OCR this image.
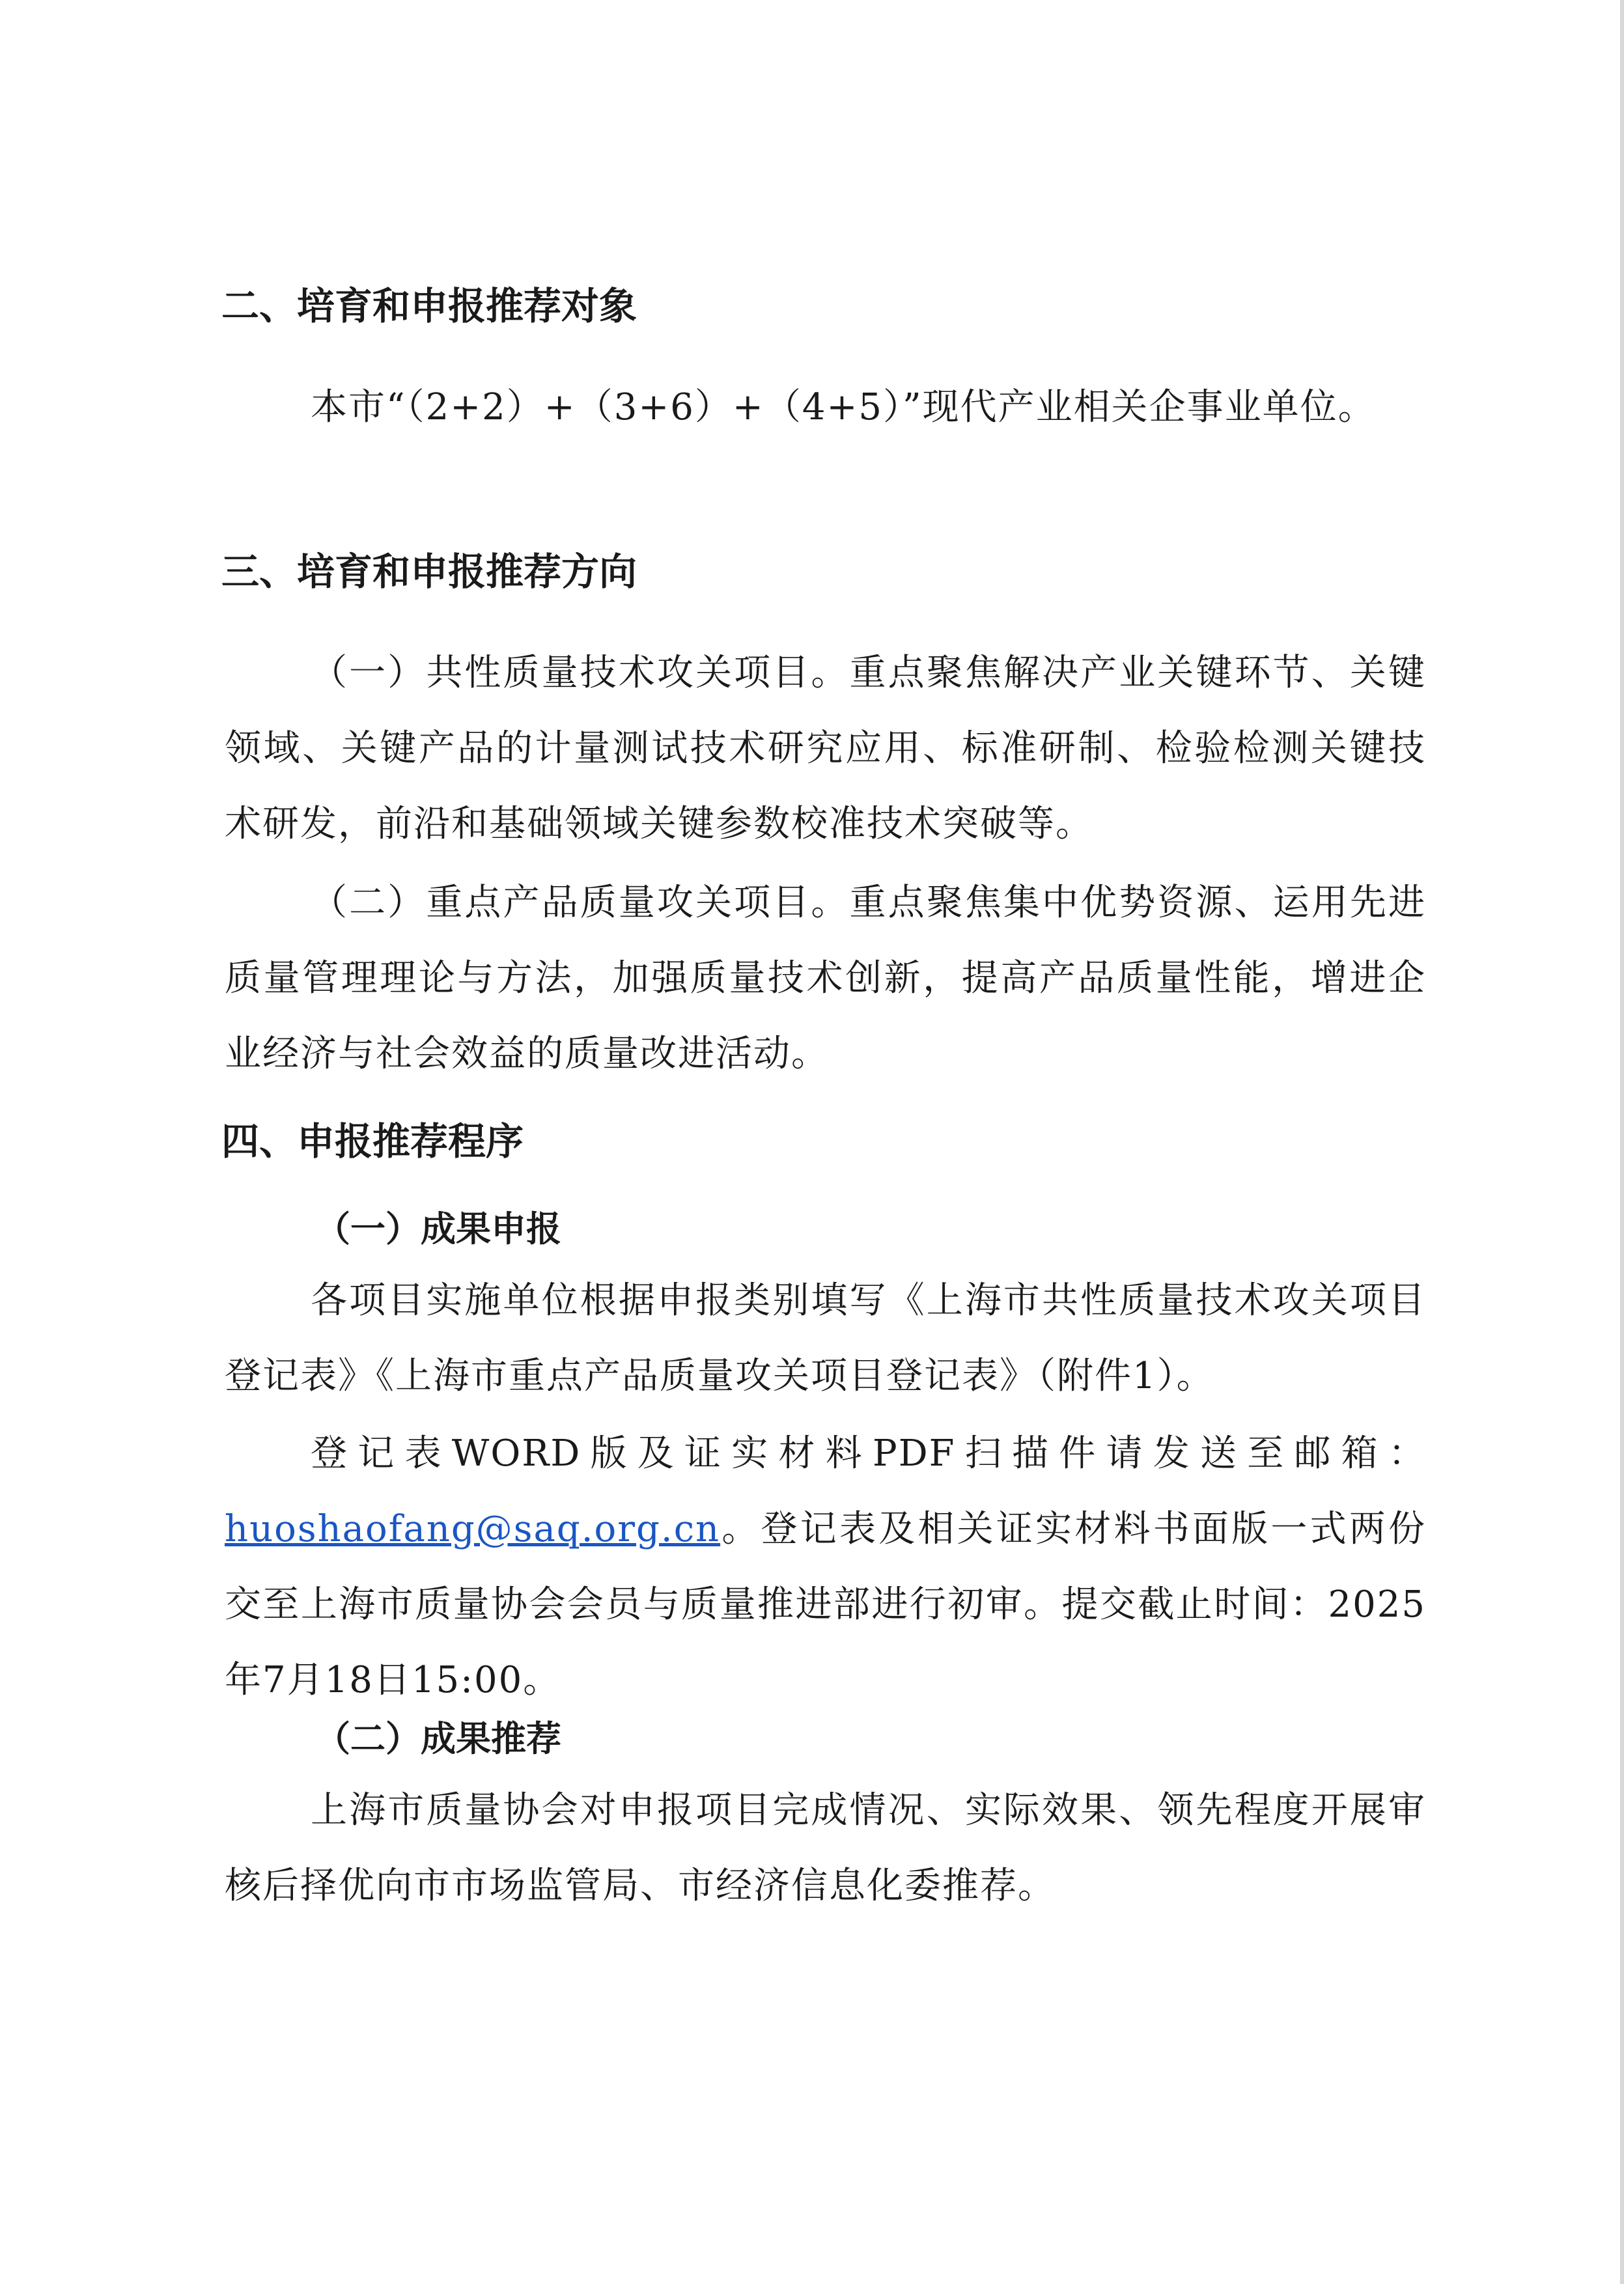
二、培育和申报推荐对象

本市“（2+2）+（3+6）+（4+5）”现代产业相关企事业单位。

三、培育和申报推荐方向

（一）共性质量技术攻关项目。重点聚焦解决产业关键环节、关键领域、关键产品的计量测试技术研究应用、标准研制、检验检测关键技术研发，前沿和基础领域关键参数校准技术突破等。

（二）重点产品质量攻关项目。重点聚焦集中优势资源、运用先进质量管理理论与方法，加强质量技术创新，提高产品质量性能，增进企业经济与社会效益的质量改进活动。

四、申报推荐程序
（一）成果申报

各项目实施单位根据申报类别填写《上海市共性质量技术攻关项目登记表》《上海市重点产品质量攻关项目登记表》（附件1）。

登记表WORD版及证实材料PDF扫描件请发送至邮箱：huoshaofang@saq.org.cn。登记表及相关证实材料书面版一式两份交至上海市质量协会会员与质量推进部进行初审。提交截止时间：2025年7月18日15:00。

（二）成果推荐

上海市质量协会对申报项目完成情况、实际效果、领先程度开展审核后择优向市市场监管局、市经济信息化委推荐。
